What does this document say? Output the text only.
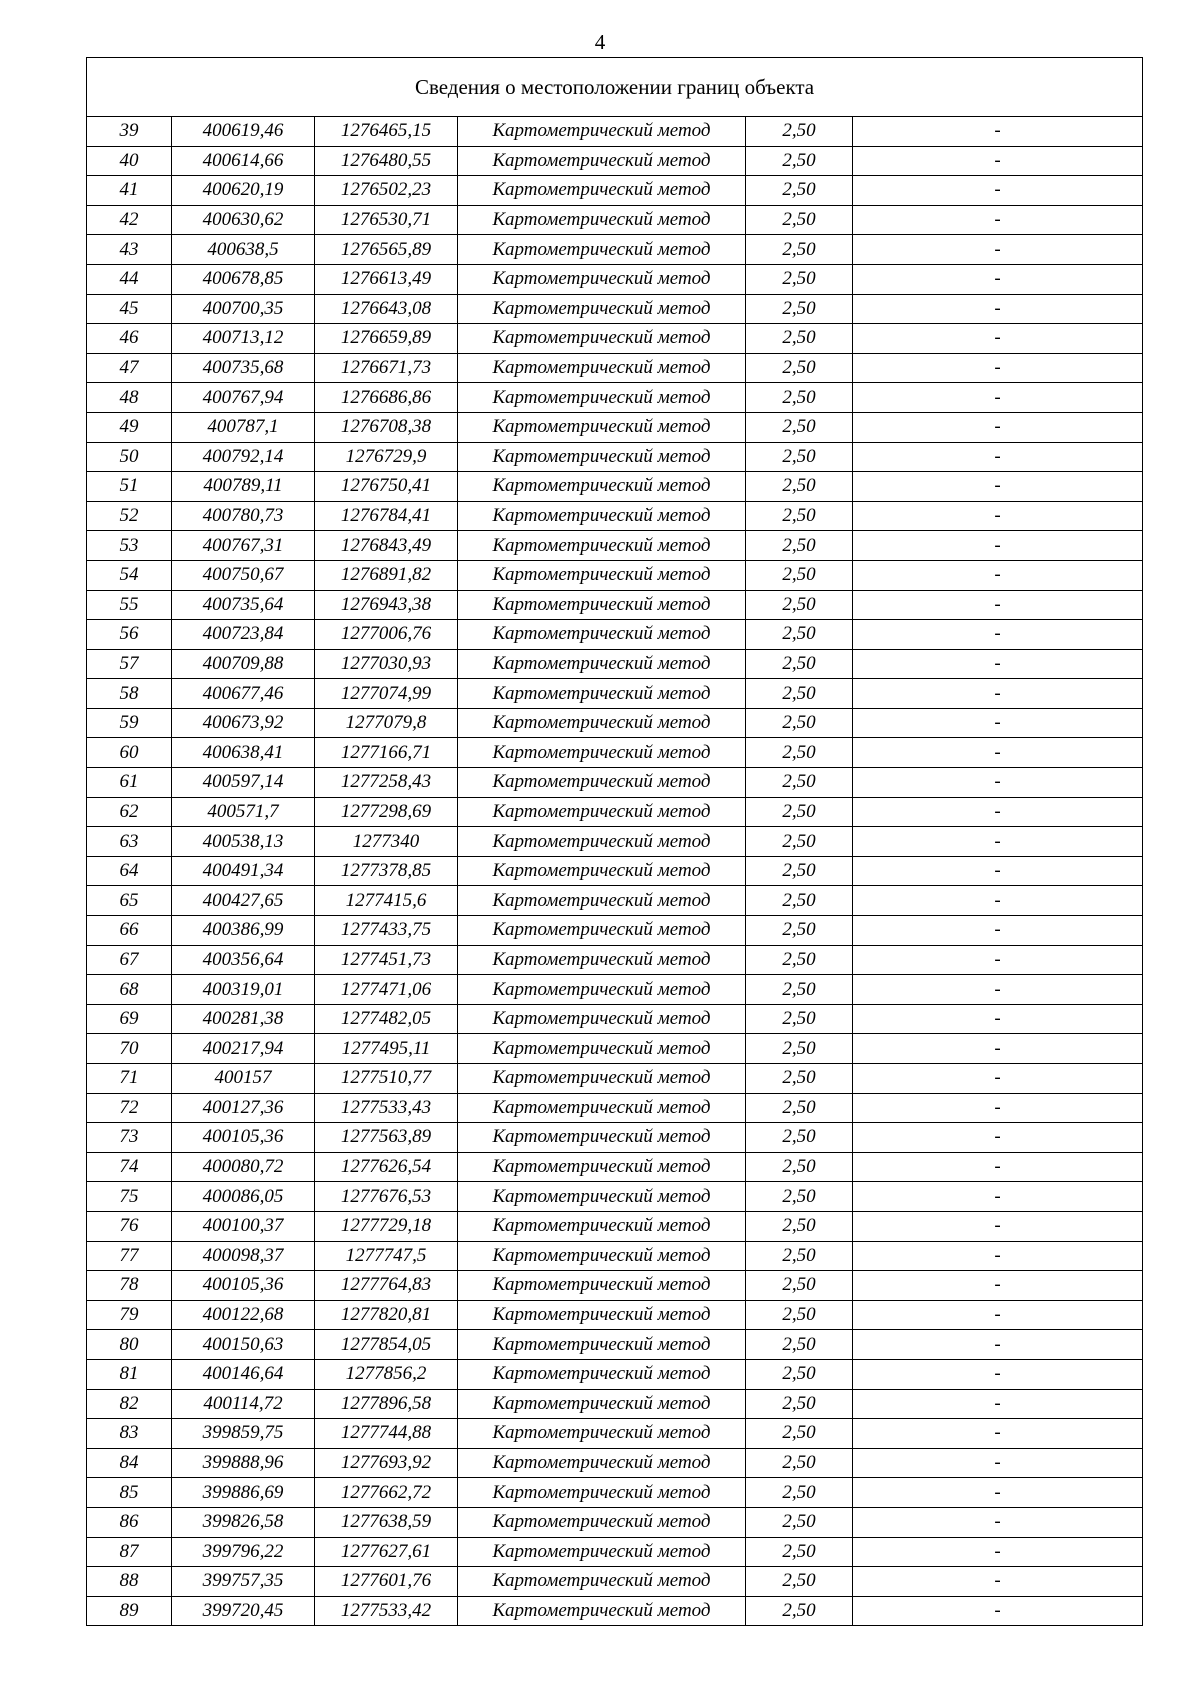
4
Сведения о местоположении границ объекта					
39	400619,46	1276465,15	Картометрический метод	2,50	-
40	400614,66	1276480,55	Картометрический метод	2,50	-
41	400620,19	1276502,23	Картометрический метод	2,50	-
42	400630,62	1276530,71	Картометрический метод	2,50	-
43	400638,5	1276565,89	Картометрический метод	2,50	-
44	400678,85	1276613,49	Картометрический метод	2,50	-
45	400700,35	1276643,08	Картометрический метод	2,50	-
46	400713,12	1276659,89	Картометрический метод	2,50	-
47	400735,68	1276671,73	Картометрический метод	2,50	-
48	400767,94	1276686,86	Картометрический метод	2,50	-
49	400787,1	1276708,38	Картометрический метод	2,50	-
50	400792,14	1276729,9	Картометрический метод	2,50	-
51	400789,11	1276750,41	Картометрический метод	2,50	-
52	400780,73	1276784,41	Картометрический метод	2,50	-
53	400767,31	1276843,49	Картометрический метод	2,50	-
54	400750,67	1276891,82	Картометрический метод	2,50	-
55	400735,64	1276943,38	Картометрический метод	2,50	-
56	400723,84	1277006,76	Картометрический метод	2,50	-
57	400709,88	1277030,93	Картометрический метод	2,50	-
58	400677,46	1277074,99	Картометрический метод	2,50	-
59	400673,92	1277079,8	Картометрический метод	2,50	-
60	400638,41	1277166,71	Картометрический метод	2,50	-
61	400597,14	1277258,43	Картометрический метод	2,50	-
62	400571,7	1277298,69	Картометрический метод	2,50	-
63	400538,13	1277340	Картометрический метод	2,50	-
64	400491,34	1277378,85	Картометрический метод	2,50	-
65	400427,65	1277415,6	Картометрический метод	2,50	-
66	400386,99	1277433,75	Картометрический метод	2,50	-
67	400356,64	1277451,73	Картометрический метод	2,50	-
68	400319,01	1277471,06	Картометрический метод	2,50	-
69	400281,38	1277482,05	Картометрический метод	2,50	-
70	400217,94	1277495,11	Картометрический метод	2,50	-
71	400157	1277510,77	Картометрический метод	2,50	-
72	400127,36	1277533,43	Картометрический метод	2,50	-
73	400105,36	1277563,89	Картометрический метод	2,50	-
74	400080,72	1277626,54	Картометрический метод	2,50	-
75	400086,05	1277676,53	Картометрический метод	2,50	-
76	400100,37	1277729,18	Картометрический метод	2,50	-
77	400098,37	1277747,5	Картометрический метод	2,50	-
78	400105,36	1277764,83	Картометрический метод	2,50	-
79	400122,68	1277820,81	Картометрический метод	2,50	-
80	400150,63	1277854,05	Картометрический метод	2,50	-
81	400146,64	1277856,2	Картометрический метод	2,50	-
82	400114,72	1277896,58	Картометрический метод	2,50	-
83	399859,75	1277744,88	Картометрический метод	2,50	-
84	399888,96	1277693,92	Картометрический метод	2,50	-
85	399886,69	1277662,72	Картометрический метод	2,50	-
86	399826,58	1277638,59	Картометрический метод	2,50	-
87	399796,22	1277627,61	Картометрический метод	2,50	-
88	399757,35	1277601,76	Картометрический метод	2,50	-
89	399720,45	1277533,42	Картометрический метод	2,50	-
